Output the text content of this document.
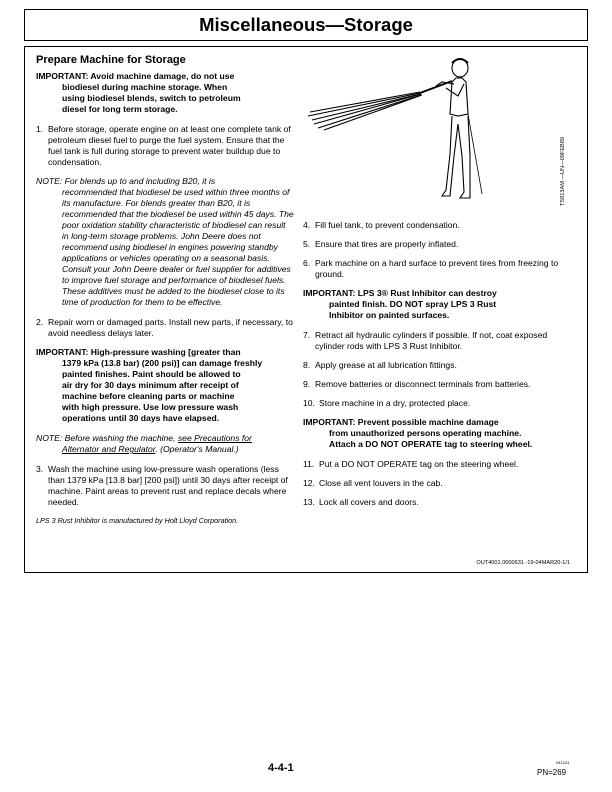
Miscellaneous—Storage
Prepare Machine for Storage
IMPORTANT: Avoid machine damage, do not use
biodiesel during machine storage. When
using biodiesel blends, switch to petroleum
diesel for long term storage.
1. Before storage, operate engine on at least one complete tank of petroleum diesel fuel to purge the fuel system. Ensure that the fuel tank is full during storage to prevent water buildup due to condensation.
NOTE: For blends up to and including B20, it is
recommended that biodiesel be used within three months of its manufacture. For blends greater than B20, it is recommended that the biodiesel be used within 45 days. The poor oxidation stability characteristic of biodiesel can result in long-term storage problems. John Deere does not recommend using biodiesel in engines powering standby applications or vehicles operating on a seasonal basis. Consult your John Deere dealer or fuel supplier for additives to improve fuel storage and performance of biodiesel fuels. These additives must be added to the biodiesel close to its time of production for them to be effective.
2. Repair worn or damaged parts. Install new parts, if necessary, to avoid needless delays later.
IMPORTANT: High-pressure washing [greater than
1379 kPa (13.8 bar) (200 psi)] can damage freshly
painted finishes. Paint should be allowed to
air dry for 30 days minimum after receipt of
machine before cleaning parts or machine
with high pressure. Use low pressure wash
operations until 30 days have elapsed.
NOTE: Before washing the machine, see Precautions for
Alternator and Regulator. (Operator's Manual.)
3. Wash the machine using low-pressure wash operations (less than 1379 kPa [13.8 bar] [200 psi]) until 30 days after receipt of machine. Paint areas to prevent rust and replace decals where needed.
LPS 3 Rust Inhibitor is manufactured by Holt Lloyd Corporation.
TS813AM —UN—09FEB89
4. Fill fuel tank, to prevent condensation.
5. Ensure that tires are properly inflated.
6. Park machine on a hard surface to prevent tires from freezing to ground.
IMPORTANT: LPS 3® Rust Inhibitor can destroy
painted finish. DO NOT spray LPS 3 Rust
Inhibitor on painted surfaces.
7. Retract all hydraulic cylinders if possible. If not, coat exposed cylinder rods with LPS 3 Rust Inhibitor.
8. Apply grease at all lubrication fittings.
9. Remove batteries or disconnect terminals from batteries.
10. Store machine in a dry, protected place.
IMPORTANT: Prevent possible machine damage
from unauthorized persons operating machine.
Attach a DO NOT OPERATE tag to steering wheel.
11. Put a DO NOT OPERATE tag on the steering wheel.
12. Close all vent louvers in the cab.
13. Lock all covers and doors.
OUT4001,0000631 -19-04MAR20-1/1
4-4-1	041224
PN=269
